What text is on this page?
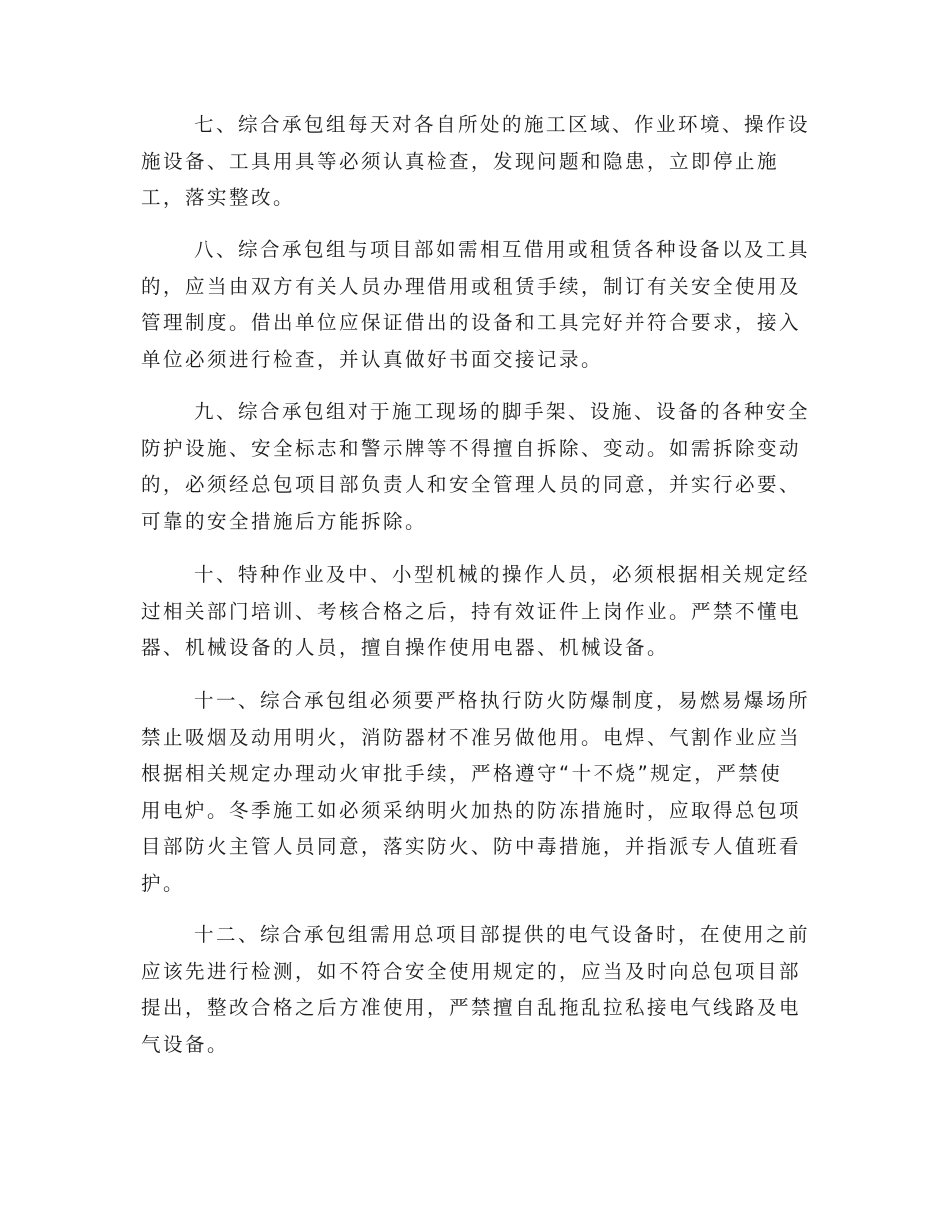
七、综合承包组每天对各自所处的施工区域、作业环境、操作设
施设备、工具用具等必须认真检查，发现问题和隐患，立即停止施
工，落实整改。
八、综合承包组与项目部如需相互借用或租赁各种设备以及工具
的，应当由双方有关人员办理借用或租赁手续，制订有关安全使用及
管理制度。借出单位应保证借出的设备和工具完好并符合要求，接入
单位必须进行检查，并认真做好书面交接记录。
九、综合承包组对于施工现场的脚手架、设施、设备的各种安全
防护设施、安全标志和警示牌等不得擅自拆除、变动。如需拆除变动
的，必须经总包项目部负责人和安全管理人员的同意，并实行必要、
可靠的安全措施后方能拆除。
十、特种作业及中、小型机械的操作人员，必须根据相关规定经
过相关部门培训、考核合格之后，持有效证件上岗作业。严禁不懂电
器、机械设备的人员，擅自操作使用电器、机械设备。
十一、综合承包组必须要严格执行防火防爆制度，易燃易爆场所
禁止吸烟及动用明火，消防器材不准另做他用。电焊、气割作业应当
根据相关规定办理动火审批手续，严格遵守“十不烧”规定，严禁使
用电炉。冬季施工如必须采纳明火加热的防冻措施时，应取得总包项
目部防火主管人员同意，落实防火、防中毒措施，并指派专人值班看
护。
十二、综合承包组需用总项目部提供的电气设备时，在使用之前
应该先进行检测，如不符合安全使用规定的，应当及时向总包项目部
提出，整改合格之后方准使用，严禁擅自乱拖乱拉私接电气线路及电
气设备。
